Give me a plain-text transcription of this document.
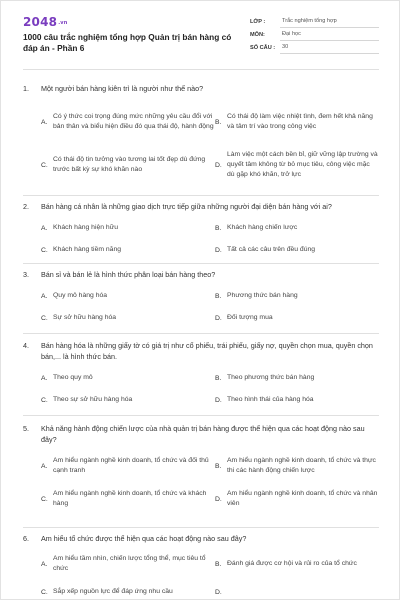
2048.vn
1000 câu trắc nghiệm tổng hợp Quản trị bán hàng có đáp án - Phần 6
LỚP :	Trắc nghiệm tổng hợp
MÔN:	Đại học
SỐ CÂU :	30
1. Một người bán hàng kiên trì là người như thế nào?
A.
Có ý thức coi trọng đúng mức những yêu cầu đổi với bản thân và biểu hiện điều đó qua thái độ, hành động
B.
Có thái độ làm việc nhiệt tình, đem hết khả năng và tâm trí vào trong công việc
C.
Có thái độ tin tưởng vào tương lai tốt đẹp dù đứng trước bất kỳ sự khó khăn nào
D.
Làm việc một cách bền bỉ, giữ vững lập trường và quyết tâm không từ bỏ mục tiêu, công việc mặc dù gặp khó khăn, trở lực
2. Bán hàng cá nhân là những giao dịch trực tiếp giữa những người đại diện bán hàng với ai?
A. Khách hàng hiện hữu	B. Khách hàng chiến lược
C. Khách hàng tiềm năng	D. Tất cả các câu trên đều đúng
3. Bán sỉ và bán lẻ là hình thức phân loại bán hàng theo?
A. Quy mô hàng hóa	B. Phương thức bán hàng
C. Sự sở hữu hàng hóa	D. Đối tượng mua
4. Bán hàng hóa là những giấy tờ có giá trị như cổ phiếu, trái phiếu, giấy nợ, quyền chọn mua, quyền chọn bán,... là hình thức bán.
A. Theo quy mô	B. Theo phương thức bán hàng
C. Theo sự sở hữu hàng hóa	D. Theo hình thái của hàng hóa
5. Khả năng hành động chiến lược của nhà quản trị bán hàng được thể hiện qua các hoạt động nào sau đây?
A.
Am hiểu ngành nghề kinh doanh, tổ chức và đối thủ cạnh tranh
B.
Am hiểu ngành nghề kinh doanh, tổ chức và thực thi các hành động chiến lược
C.
Am hiểu ngành nghề kinh doanh, tổ chức và khách hàng
D.
Am hiểu ngành nghề kinh doanh, tổ chức và nhân viên
6. Am hiểu tổ chức được thể hiện qua các hoạt động nào sau đây?
A.
Am hiểu tầm nhìn, chiến lược tổng thể, mục tiêu tổ chức
B. Đánh giá được cơ hội và rủi ro của tổ chức
C. Sắp xếp nguồn lực để đáp ứng nhu cầu	D.
